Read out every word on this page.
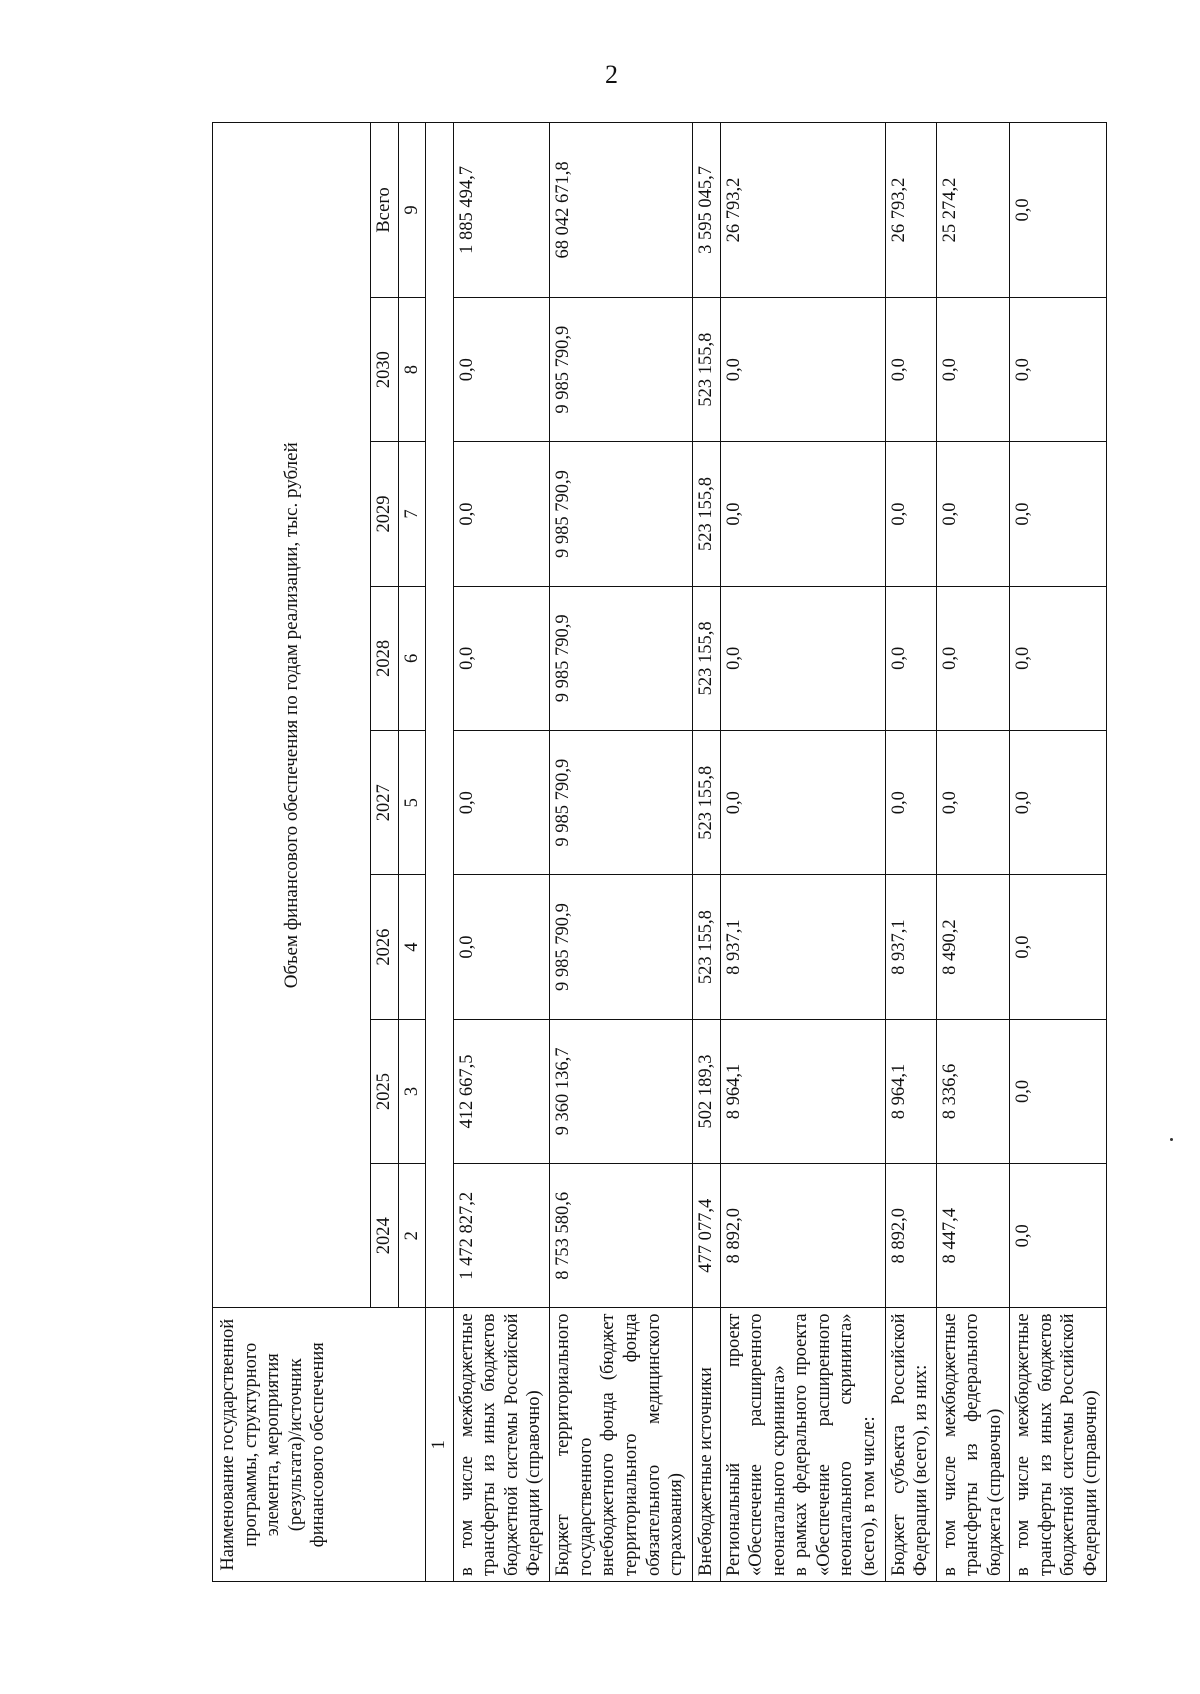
2
Наименование государственной программы, структурного элемента, мероприятия (результата)/источник финансового обеспечения	Объем финансового обеспечения по годам реализации, тыс. рублей							
	2024	2025	2026	2027	2028	2029	2030	Всего
	2	3	4	5	6	7	8	9
1								
в том числе межбюджетные трансферты из иных бюджетов бюджетной системы Российской Федерации (справочно)	1 472 827,2	412 667,5	0,0	0,0	0,0	0,0	0,0	1 885 494,7
Бюджет территориального государственного внебюджетного фонда (бюджет территориального фонда обязательного медицинского страхования)	8 753 580,6	9 360 136,7	9 985 790,9	9 985 790,9	9 985 790,9	9 985 790,9	9 985 790,9	68 042 671,8
Внебюджетные источники	477 077,4	502 189,3	523 155,8	523 155,8	523 155,8	523 155,8	523 155,8	3 595 045,7

Региональный проект «Обеспечение расширенного неонатального скрининга» в рамках федерального проекта «Обеспечение расширенного неонатального скрининга» (всего), в том числе:	8 892,0	8 964,1	8 937,1	0,0	0,0	0,0	0,0	26 793,2
Бюджет субъекта Российской Федерации (всего), из них:	8 892,0	8 964,1	8 937,1	0,0	0,0	0,0	0,0	26 793,2
в том числе межбюджетные трансферты из федерального бюджета (справочно)	8 447,4	8 336,6	8 490,2	0,0	0,0	0,0	0,0	25 274,2
в том числе межбюджетные трансферты из иных бюджетов бюджетной системы Российской Федерации (справочно)	0,0	0,0	0,0	0,0	0,0	0,0	0,0	0,0
